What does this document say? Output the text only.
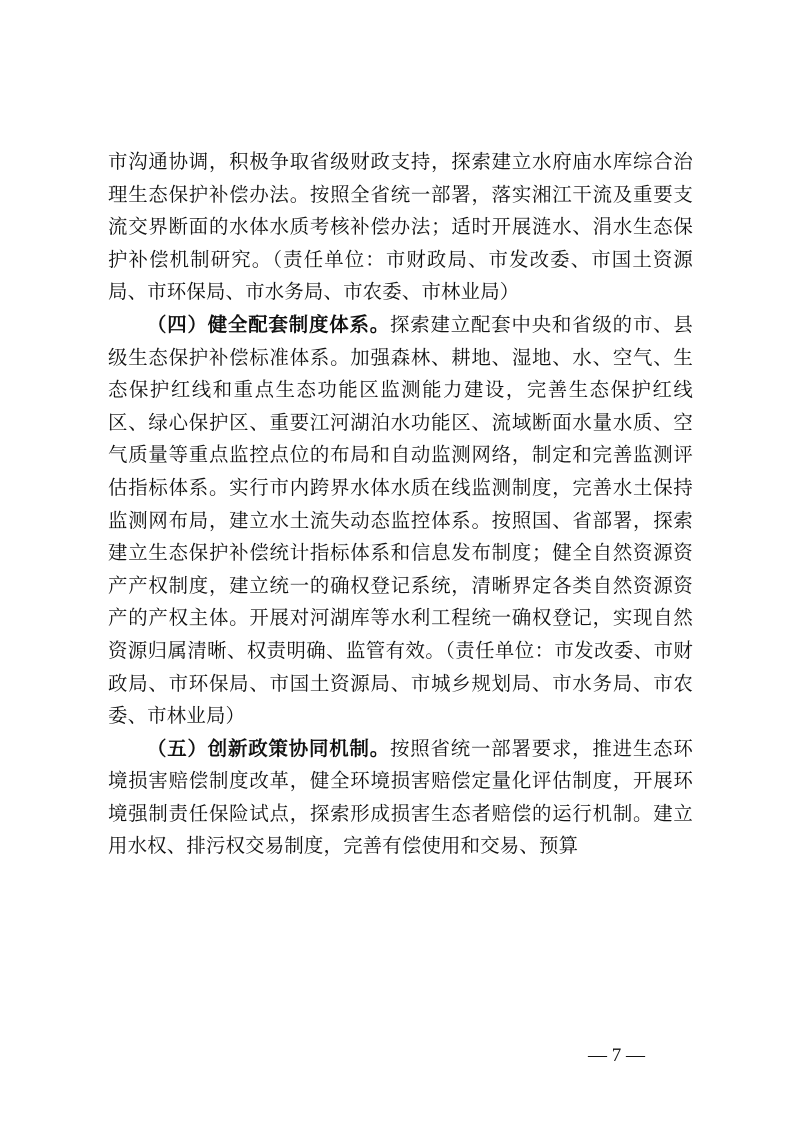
市沟通协调，积极争取省级财政支持，探索建立水府庙水库综合治理生态保护补偿办法。按照全省统一部署，落实湘江干流及重要支流交界断面的水体水质考核补偿办法；适时开展涟水、涓水生态保护补偿机制研究。（责任单位：市财政局、市发改委、市国土资源局、市环保局、市水务局、市农委、市林业局）

（四）健全配套制度体系。探索建立配套中央和省级的市、县级生态保护补偿标准体系。加强森林、耕地、湿地、水、空气、生态保护红线和重点生态功能区监测能力建设，完善生态保护红线区、绿心保护区、重要江河湖泊水功能区、流域断面水量水质、空气质量等重点监控点位的布局和自动监测网络，制定和完善监测评估指标体系。实行市内跨界水体水质在线监测制度，完善水土保持监测网布局，建立水土流失动态监控体系。按照国、省部署，探索建立生态保护补偿统计指标体系和信息发布制度；健全自然资源资产产权制度，建立统一的确权登记系统，清晰界定各类自然资源资产的产权主体。开展对河湖库等水利工程统一确权登记，实现自然资源归属清晰、权责明确、监管有效。（责任单位：市发改委、市财政局、市环保局、市国土资源局、市城乡规划局、市水务局、市农委、市林业局）

（五）创新政策协同机制。按照省统一部署要求，推进生态环境损害赔偿制度改革，健全环境损害赔偿定量化评估制度，开展环境强制责任保险试点，探索形成损害生态者赔偿的运行机制。建立用水权、排污权交易制度，完善有偿使用和交易、预算

— 7 —
